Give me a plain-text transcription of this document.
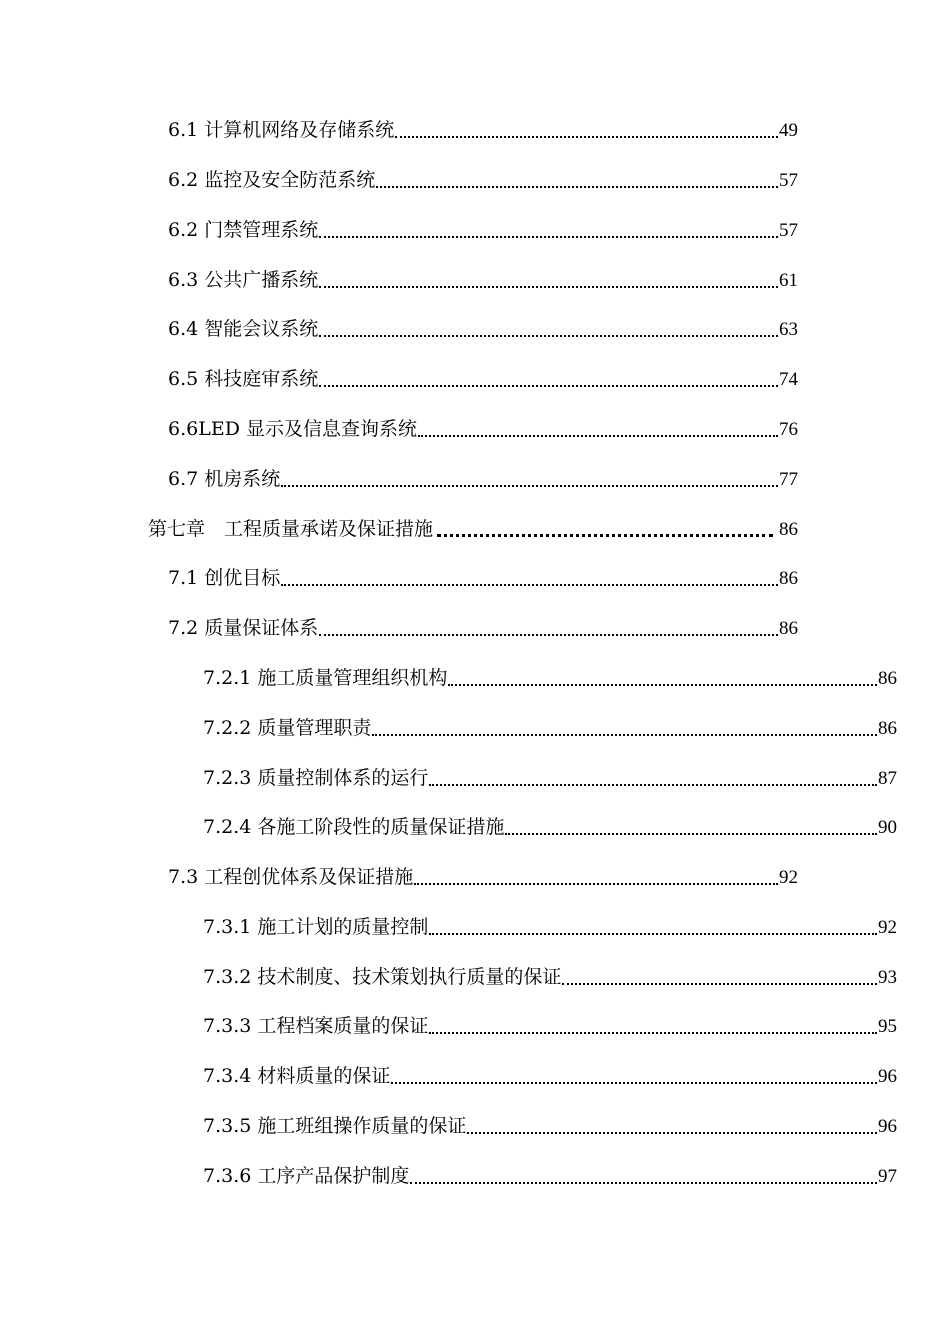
6.1 计算机网络及存储系统	49
6.2 监控及安全防范系统	57
6.2 门禁管理系统	57
6.3 公共广播系统	61
6.4 智能会议系统	63
6.5 科技庭审系统	74
6.6LED 显示及信息查询系统	76
6.7 机房系统	77
第七章　工程质量承诺及保证措施	86
7.1 创优目标	86
7.2 质量保证体系	86
7.2.1 施工质量管理组织机构	86
7.2.2 质量管理职责	86
7.2.3 质量控制体系的运行	87
7.2.4 各施工阶段性的质量保证措施	90
7.3 工程创优体系及保证措施	92
7.3.1 施工计划的质量控制	92
7.3.2 技术制度、技术策划执行质量的保证	93
7.3.3 工程档案质量的保证	95
7.3.4 材料质量的保证	96
7.3.5 施工班组操作质量的保证	96
7.3.6 工序产品保护制度	97
